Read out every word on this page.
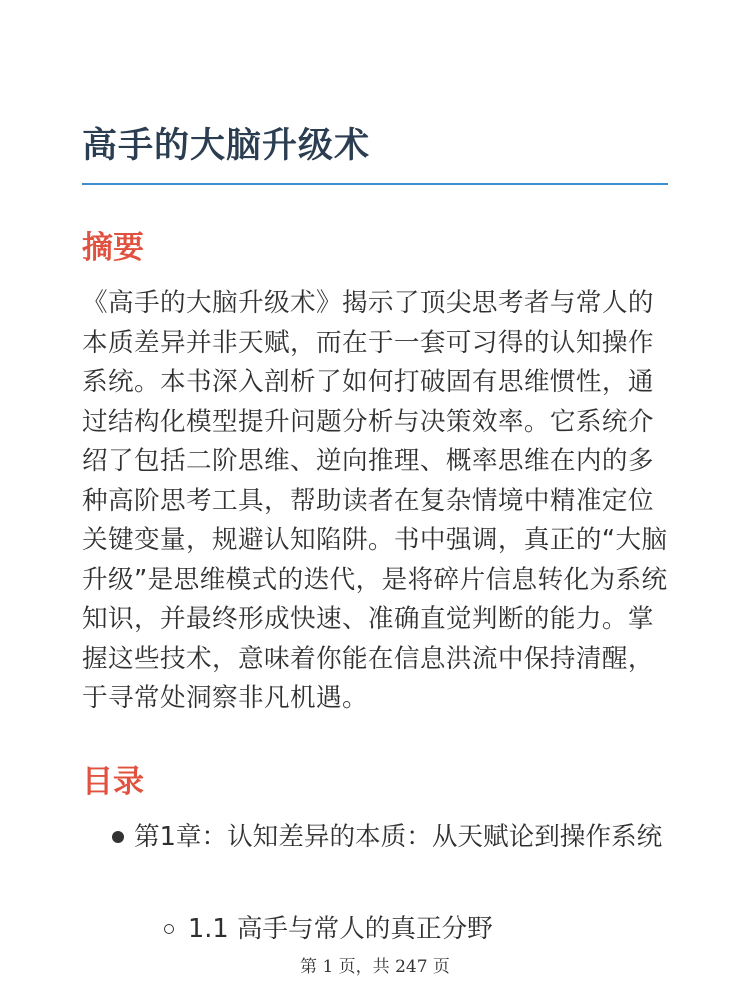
高手的大脑升级术
摘要

《高手的大脑升级术》揭示了顶尖思考者与常人的本质差异并非天赋，而在于一套可习得的认知操作系统。本书深入剖析了如何打破固有思维惯性，通过结构化模型提升问题分析与决策效率。它系统介绍了包括二阶思维、逆向推理、概率思维在内的多种高阶思考工具，帮助读者在复杂情境中精准定位关键变量，规避认知陷阱。书中强调，真正的“大脑升级”是思维模式的迭代，是将碎片信息转化为系统知识，并最终形成快速、准确直觉判断的能力。掌握这些技术，意味着你能在信息洪流中保持清醒，于寻常处洞察非凡机遇。

目录
第1章：认知差异的本质：从天赋论到操作系统
1.1 高手与常人的真正分野
第 1 页，共 247 页
